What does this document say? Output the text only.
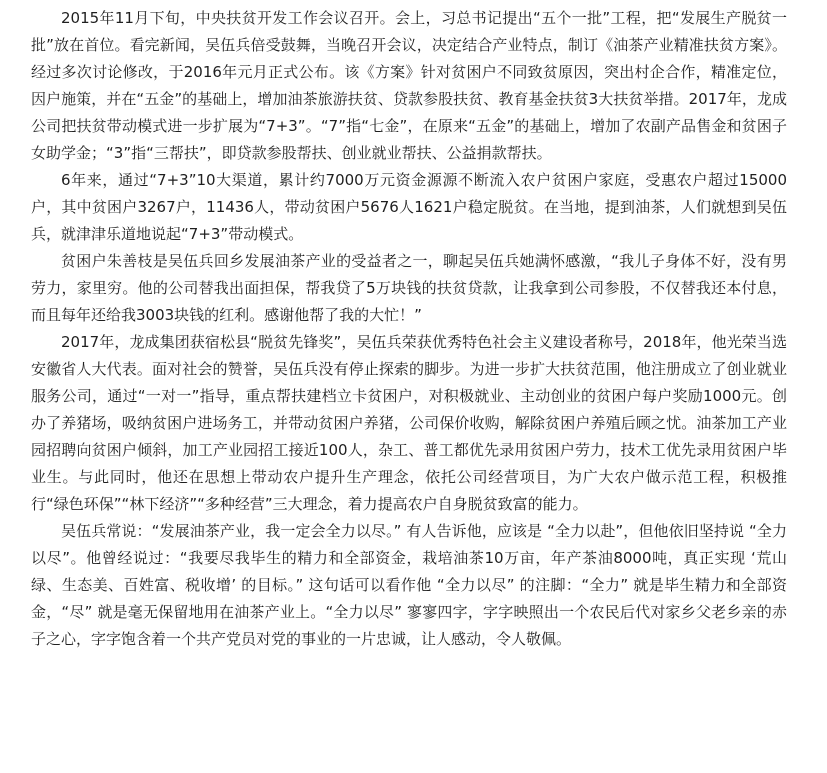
2015年11月下旬，中央扶贫开发工作会议召开。会上，习总书记提出“五个一批”工程，把“发展生产脱贫一批”放在首位。看完新闻，吴伍兵倍受鼓舞，当晚召开会议，决定结合产业特点，制订《油茶产业精准扶贫方案》。经过多次讨论修改，于2016年元月正式公布。该《方案》针对贫困户不同致贫原因，突出村企合作，精准定位，因户施策，并在“五金”的基础上，增加油茶旅游扶贫、贷款参股扶贫、教育基金扶贫3大扶贫举措。2017年，龙成公司把扶贫带动模式进一步扩展为“7+3”。“7”指“七金”，在原来“五金”的基础上，增加了农副产品售金和贫困子女助学金；“3”指“三帮扶”，即贷款参股帮扶、创业就业帮扶、公益捐款帮扶。

6年来，通过“7+3”10大渠道，累计约7000万元资金源源不断流入农户贫困户家庭，受惠农户超过15000户，其中贫困户3267户，11436人，带动贫困户5676人1621户稳定脱贫。在当地，提到油茶，人们就想到吴伍兵，就津津乐道地说起“7+3”带动模式。

贫困户朱善枝是吴伍兵回乡发展油茶产业的受益者之一，聊起吴伍兵她满怀感激，“我儿子身体不好，没有男劳力，家里穷。他的公司替我出面担保，帮我贷了5万块钱的扶贫贷款，让我拿到公司参股，不仅替我还本付息，而且每年还给我3003块钱的红利。感谢他帮了我的大忙！”

2017年，龙成集团获宿松县“脱贫先锋奖”，吴伍兵荣获优秀特色社会主义建设者称号，2018年，他光荣当选安徽省人大代表。面对社会的赞誉，吴伍兵没有停止探索的脚步。为进一步扩大扶贫范围，他注册成立了创业就业服务公司，通过“一对一”指导，重点帮扶建档立卡贫困户，对积极就业、主动创业的贫困户每户奖励1000元。创办了养猪场，吸纳贫困户进场务工，并带动贫困户养猪，公司保价收购，解除贫困户养殖后顾之忧。油茶加工产业园招聘向贫困户倾斜，加工产业园招工接近100人，杂工、普工都优先录用贫困户劳力，技术工优先录用贫困户毕业生。与此同时，他还在思想上带动农户提升生产理念，依托公司经营项目，为广大农户做示范工程，积极推行“绿色环保”“林下经济”“多种经营”三大理念，着力提高农户自身脱贫致富的能力。

吴伍兵常说：“发展油茶产业，我一定会全力以尽。” 有人告诉他，应该是 “全力以赴”，但他依旧坚持说 “全力以尽”。他曾经说过：“我要尽我毕生的精力和全部资金，栽培油茶10万亩，年产茶油8000吨，真正实现 ‘荒山绿、生态美、百姓富、税收增’ 的目标。” 这句话可以看作他 “全力以尽” 的注脚：“全力” 就是毕生精力和全部资金，“尽” 就是毫无保留地用在油茶产业上。“全力以尽” 寥寥四字，字字映照出一个农民后代对家乡父老乡亲的赤子之心，字字饱含着一个共产党员对党的事业的一片忠诚，让人感动，令人敬佩。
